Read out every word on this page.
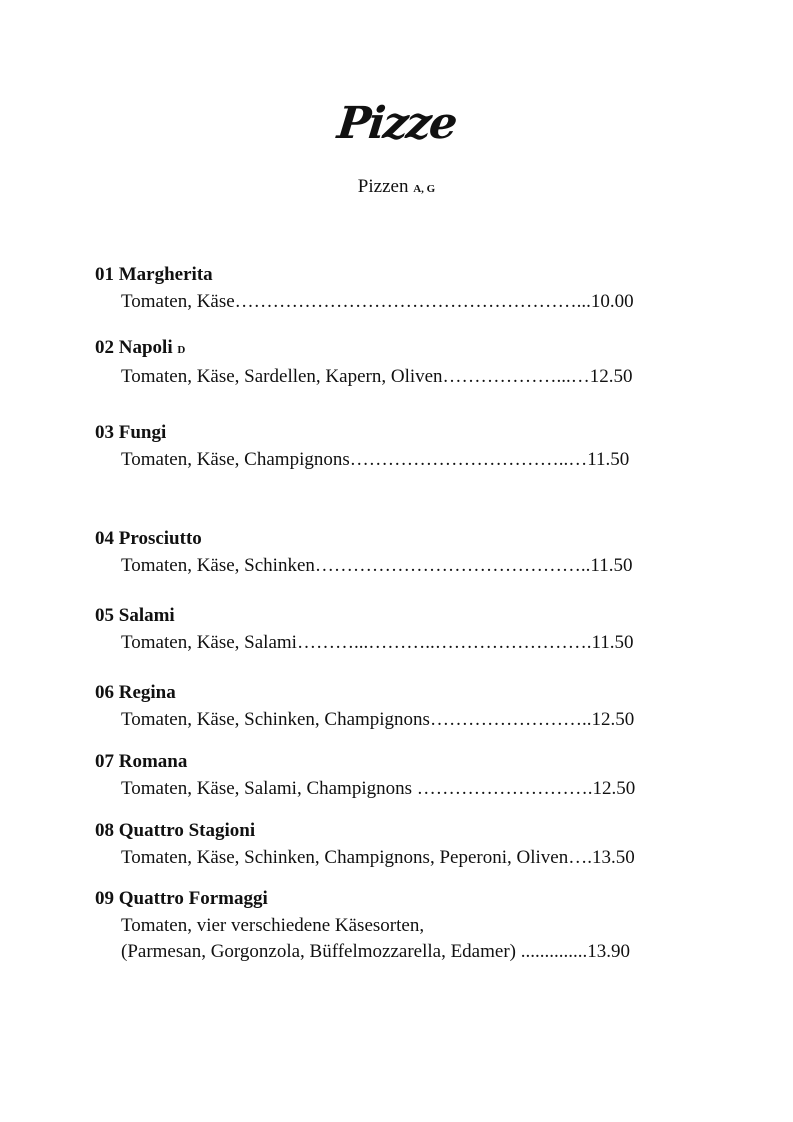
Pizze
Pizzen A, G
01 Margherita
Tomaten, Käse………………………………………………...10.00
02 Napoli D
Tomaten, Käse, Sardellen, Kapern, Oliven………………...…12.50
03 Fungi
Tomaten, Käse, Champignons……………………………..…11.50
04 Prosciutto
Tomaten, Käse, Schinken……………………………………..11.50
05 Salami
Tomaten, Käse, Salami………...………..…………………….11.50
06 Regina
Tomaten, Käse, Schinken, Champignons……………………..12.50
07 Romana
Tomaten, Käse, Salami, Champignons ……………………….12.50
08 Quattro Stagioni
Tomaten, Käse, Schinken, Champignons, Peperoni, Oliven….13.50
09 Quattro Formaggi
Tomaten, vier verschiedene Käsesorten,
(Parmesan, Gorgonzola, Büffelmozzarella, Edamer) ..............13.90
